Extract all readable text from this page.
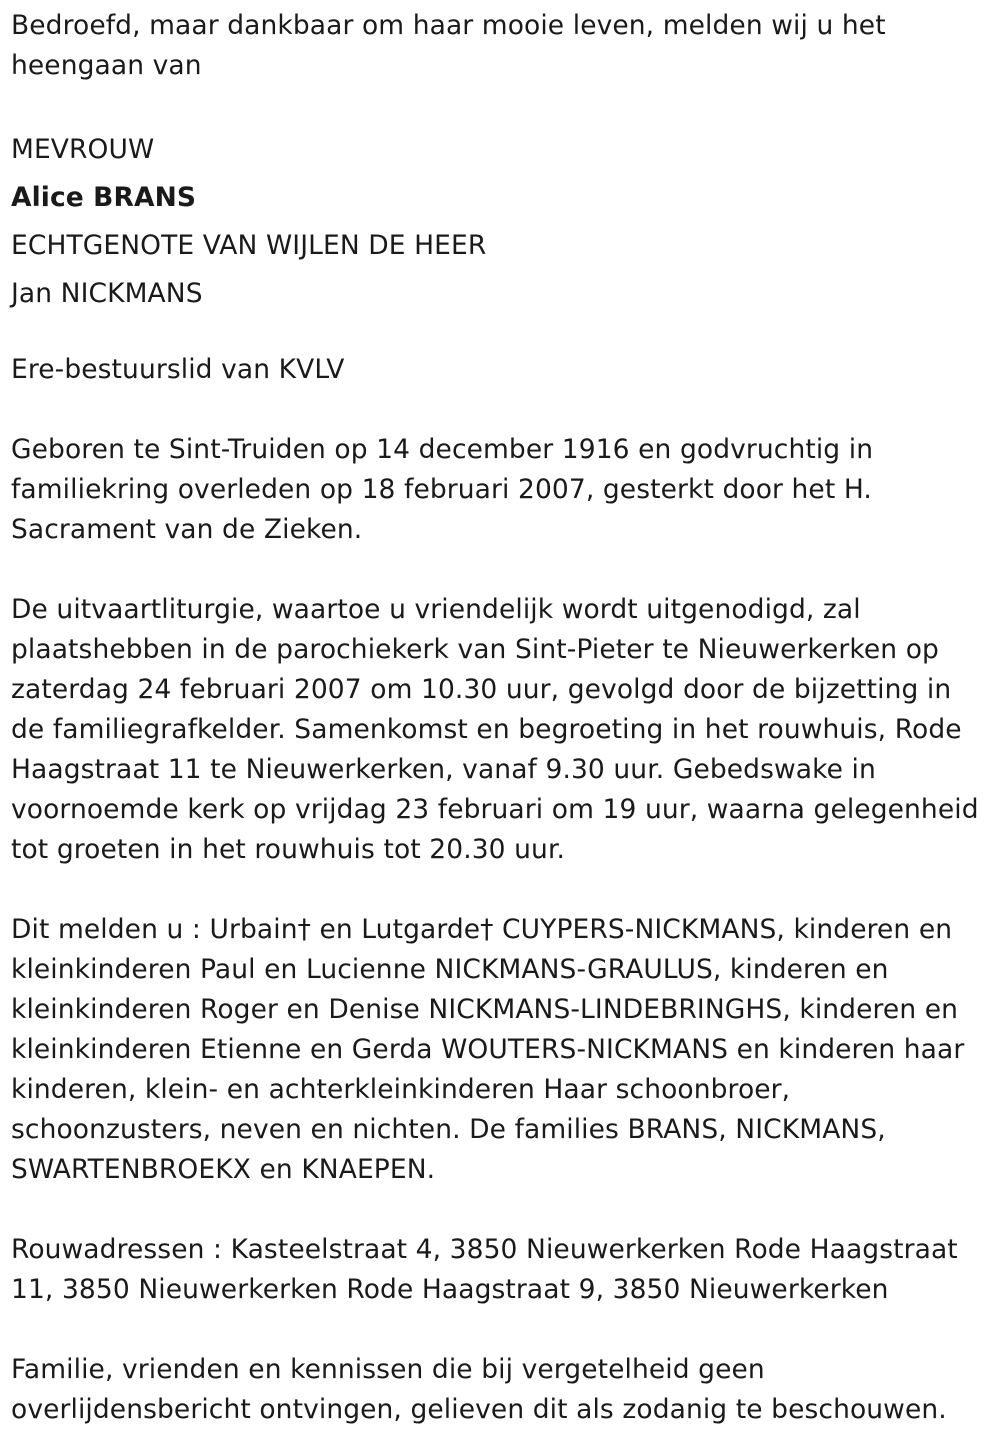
Bedroefd, maar dankbaar om haar mooie leven, melden wij u het heengaan van

MEVROUW

Alice BRANS

ECHTGENOTE VAN WIJLEN DE HEER

Jan NICKMANS

Ere-bestuurslid van KVLV

Geboren te Sint-Truiden op 14 december 1916 en godvruchtig in familiekring overleden op 18 februari 2007, gesterkt door het H. Sacrament van de Zieken.

De uitvaartliturgie, waartoe u vriendelijk wordt uitgenodigd, zal plaatshebben in de parochiekerk van Sint-Pieter te Nieuwerkerken op zaterdag 24 februari 2007 om 10.30 uur, gevolgd door de bijzetting in de familiegrafkelder. Samenkomst en begroeting in het rouwhuis, Rode Haagstraat 11 te Nieuwerkerken, vanaf 9.30 uur. Gebedswake in voornoemde kerk op vrijdag 23 februari om 19 uur, waarna gelegenheid tot groeten in het rouwhuis tot 20.30 uur.

Dit melden u : Urbain† en Lutgarde† CUYPERS-NICKMANS, kinderen en kleinkinderen Paul en Lucienne NICKMANS-GRAULUS, kinderen en kleinkinderen Roger en Denise NICKMANS-LINDEBRINGHS, kinderen en kleinkinderen Etienne en Gerda WOUTERS-NICKMANS en kinderen haar kinderen, klein- en achterkleinkinderen Haar schoonbroer, schoonzusters, neven en nichten. De families BRANS, NICKMANS, SWARTENBROEKX en KNAEPEN.

Rouwadressen : Kasteelstraat 4, 3850 Nieuwerkerken Rode Haagstraat 11, 3850 Nieuwerkerken Rode Haagstraat 9, 3850 Nieuwerkerken

Familie, vrienden en kennissen die bij vergetelheid geen overlijdensbericht ontvingen, gelieven dit als zodanig te beschouwen.
